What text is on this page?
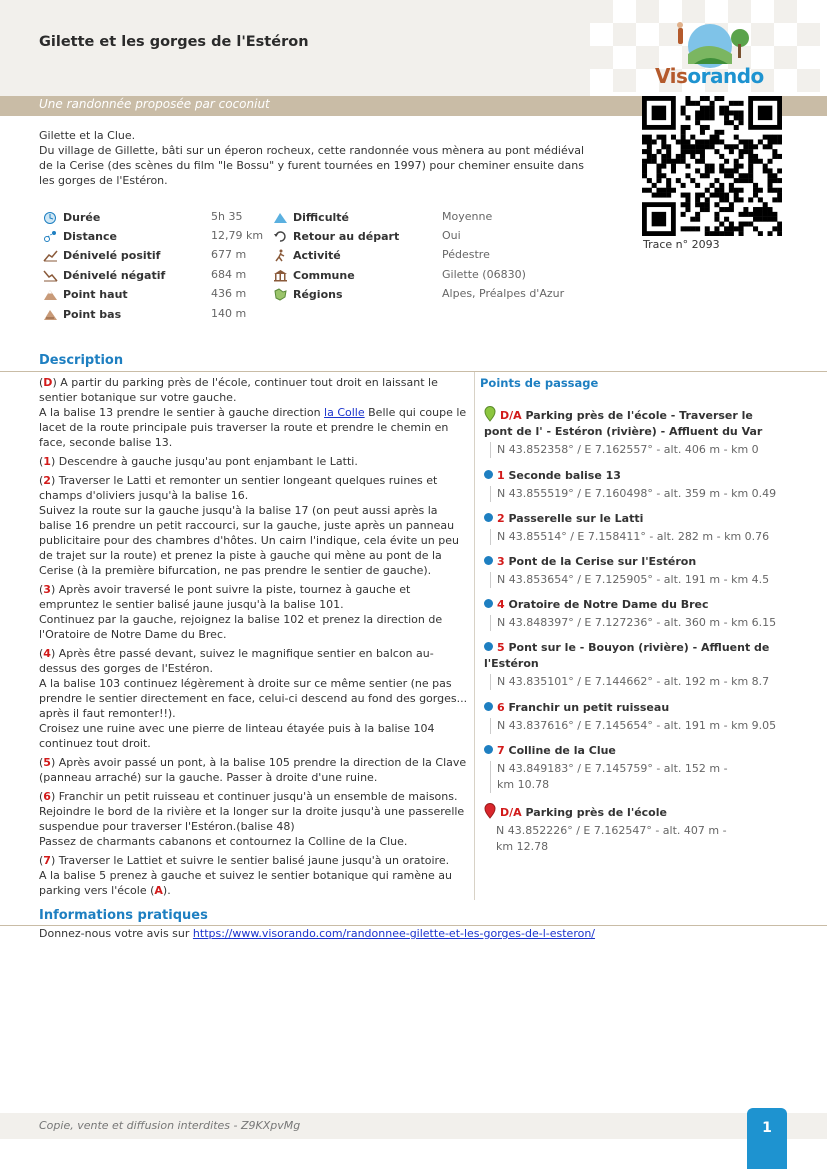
Gilette et les gorges de l'Estéron
Visorando
Une randonnée proposée par coconiut
Trace n° 2093
Gilette et la Clue.
Du village de Gillette, bâti sur un éperon rocheux, cette randonnée vous mènera au pont médiéval de la Cerise (des scènes du film "le Bossu" y furent tournées en 1997) pour cheminer ensuite dans les gorges de l'Estéron.
Durée
Distance
Dénivelé positif
Dénivelé négatif
Point haut
Point bas
5h 35
12,79 km
677 m
684 m
436 m
140 m
Difficulté
Retour au départ
Activité
Commune
Régions
Moyenne
Oui
Pédestre
Gilette (06830)
Alpes, Préalpes d'Azur
Description

(D) A partir du parking près de l'école, continuer tout droit en laissant le sentier botanique sur votre gauche.
A la balise 13 prendre le sentier à gauche direction la Colle Belle qui coupe le lacet de la route principale puis traverser la route et prendre le chemin en face, seconde balise 13.

(1) Descendre à gauche jusqu'au pont enjambant le Latti.

(2) Traverser le Latti et remonter un sentier longeant quelques ruines et champs d'oliviers jusqu'à la balise 16.
Suivez la route sur la gauche jusqu'à la balise 17 (on peut aussi après la balise 16 prendre un petit raccourci, sur la gauche, juste après un panneau publicitaire pour des chambres d'hôtes. Un cairn l'indique, cela évite un peu de trajet sur la route) et prenez la piste à gauche qui mène au pont de la Cerise (à la première bifurcation, ne pas prendre le sentier de gauche).

(3) Après avoir traversé le pont suivre la piste, tournez à gauche et empruntez le sentier balisé jaune jusqu'à la balise 101.
Continuez par la gauche, rejoignez la balise 102 et prenez la direction de l'Oratoire de Notre Dame du Brec.

(4) Après être passé devant, suivez le magnifique sentier en balcon au-dessus des gorges de l'Estéron.
A la balise 103 continuez légèrement à droite sur ce même sentier (ne pas prendre le sentier directement en face, celui-ci descend au fond des gorges... après il faut remonter!!).
Croisez une ruine avec une pierre de linteau étayée puis à la balise 104 continuez tout droit.

(5) Après avoir passé un pont, à la balise 105 prendre la direction de la Clave (panneau arraché) sur la gauche. Passer à droite d'une ruine.

(6) Franchir un petit ruisseau et continuer jusqu'à un ensemble de maisons.
Rejoindre le bord de la rivière et la longer sur la droite jusqu'à une passerelle suspendue pour traverser l'Estéron.(balise 48)
Passez de charmants cabanons et contournez la Colline de la Clue.

(7) Traverser le Lattiet et suivre le sentier balisé jaune jusqu'à un oratoire.
A la balise 5 prenez à gauche et suivez le sentier botanique qui ramène au parking vers l'école (A).

Points de passage
D/A Parking près de l'école - Traverser le pont de l' - Estéron (rivière) - Affluent du Var
N 43.852358° / E 7.162557° - alt. 406 m - km 0
1 Seconde balise 13
N 43.855519° / E 7.160498° - alt. 359 m - km 0.49
2 Passerelle sur le Latti
N 43.85514° / E 7.158411° - alt. 282 m - km 0.76
3 Pont de la Cerise sur l'Estéron
N 43.853654° / E 7.125905° - alt. 191 m - km 4.5
4 Oratoire de Notre Dame du Brec
N 43.848397° / E 7.127236° - alt. 360 m - km 6.15
5 Pont sur le - Bouyon (rivière) - Affluent de l'Estéron
N 43.835101° / E 7.144662° - alt. 192 m - km 8.7
6 Franchir un petit ruisseau
N 43.837616° / E 7.145654° - alt. 191 m - km 9.05
7 Colline de la Clue
N 43.849183° / E 7.145759° - alt. 152 m - km 10.78
D/A Parking près de l'école
N 43.852226° / E 7.162547° - alt. 407 m - km 12.78
Informations pratiques
Donnez-nous votre avis sur https://www.visorando.com/randonnee-gilette-et-les-gorges-de-l-esteron/
Copie, vente et diffusion interdites - Z9KXpvMg	1
